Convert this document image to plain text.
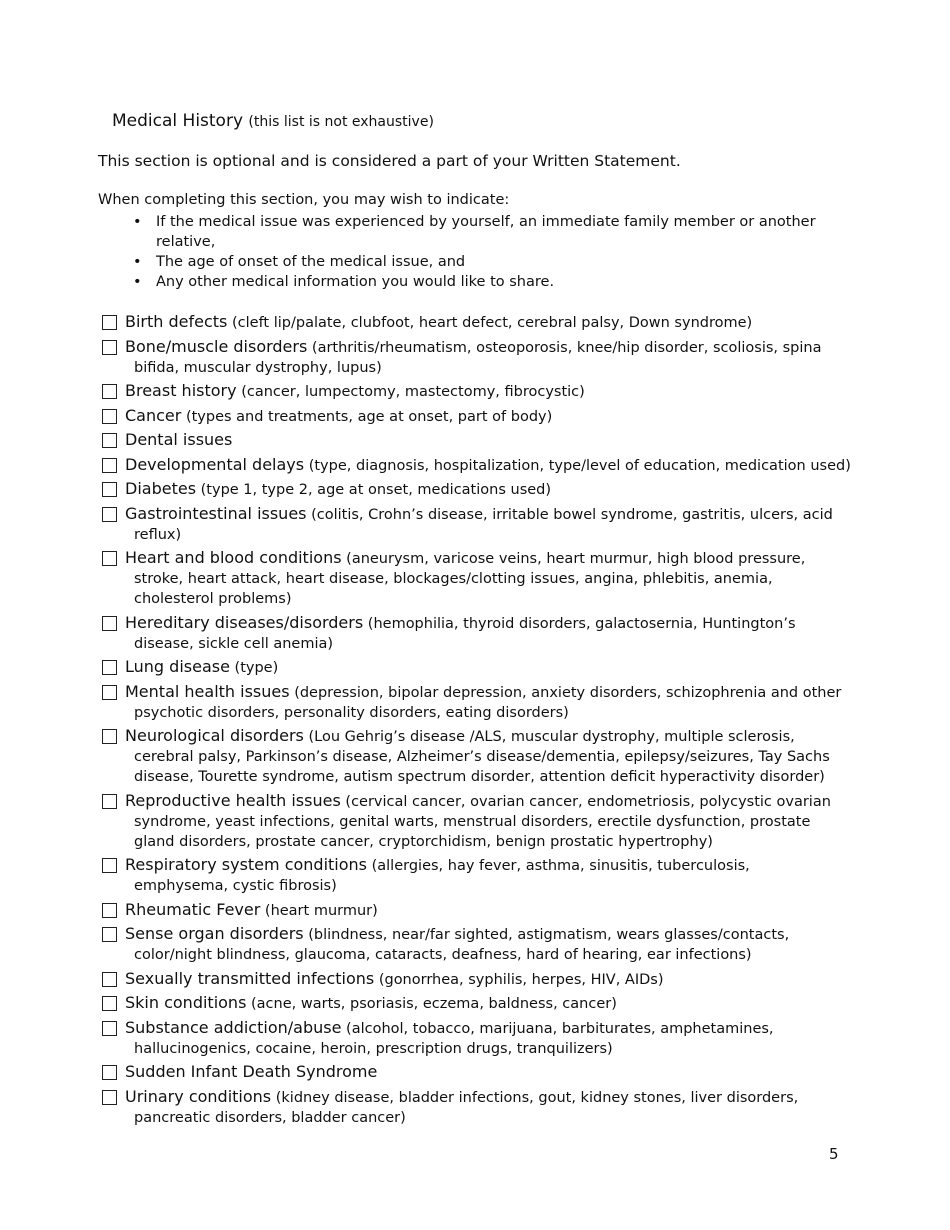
Medical History (this list is not exhaustive)
This section is optional and is considered a part of your Written Statement.
When completing this section, you may wish to indicate:
• If the medical issue was experienced by yourself, an immediate family member or another relative,
• The age of onset of the medical issue, and
• Any other medical information you would like to share.
Birth defects (cleft lip/palate, clubfoot, heart defect, cerebral palsy, Down syndrome)
Bone/muscle disorders (arthritis/rheumatism, osteoporosis, knee/hip disorder, scoliosis, spina
bifida, muscular dystrophy, lupus)
Breast history (cancer, lumpectomy, mastectomy, fibrocystic)
Cancer (types and treatments, age at onset, part of body)
Dental issues
Developmental delays (type, diagnosis, hospitalization, type/level of education, medication used)
Diabetes (type 1, type 2, age at onset, medications used)
Gastrointestinal issues (colitis, Crohn’s disease, irritable bowel syndrome, gastritis, ulcers, acid
reflux)
Heart and blood conditions (aneurysm, varicose veins, heart murmur, high blood pressure,
stroke, heart attack, heart disease, blockages/clotting issues, angina, phlebitis, anemia,
cholesterol problems)
Hereditary diseases/disorders (hemophilia, thyroid disorders, galactosernia, Huntington’s
disease, sickle cell anemia)
Lung disease (type)
Mental health issues (depression, bipolar depression, anxiety disorders, schizophrenia and other
psychotic disorders, personality disorders, eating disorders)
Neurological disorders (Lou Gehrig’s disease /ALS, muscular dystrophy, multiple sclerosis,
cerebral palsy, Parkinson’s disease, Alzheimer’s disease/dementia, epilepsy/seizures, Tay Sachs
disease, Tourette syndrome, autism spectrum disorder, attention deficit hyperactivity disorder)
Reproductive health issues (cervical cancer, ovarian cancer, endometriosis, polycystic ovarian
syndrome, yeast infections, genital warts, menstrual disorders, erectile dysfunction, prostate
gland disorders, prostate cancer, cryptorchidism, benign prostatic hypertrophy)
Respiratory system conditions (allergies, hay fever, asthma, sinusitis, tuberculosis,
emphysema, cystic fibrosis)
Rheumatic Fever (heart murmur)
Sense organ disorders (blindness, near/far sighted, astigmatism, wears glasses/contacts,
color/night blindness, glaucoma, cataracts, deafness, hard of hearing, ear infections)
Sexually transmitted infections (gonorrhea, syphilis, herpes, HIV, AIDs)
Skin conditions (acne, warts, psoriasis, eczema, baldness, cancer)
Substance addiction/abuse (alcohol, tobacco, marijuana, barbiturates, amphetamines,
hallucinogenics, cocaine, heroin, prescription drugs, tranquilizers)
Sudden Infant Death Syndrome
Urinary conditions (kidney disease, bladder infections, gout, kidney stones, liver disorders,
pancreatic disorders, bladder cancer)
5
